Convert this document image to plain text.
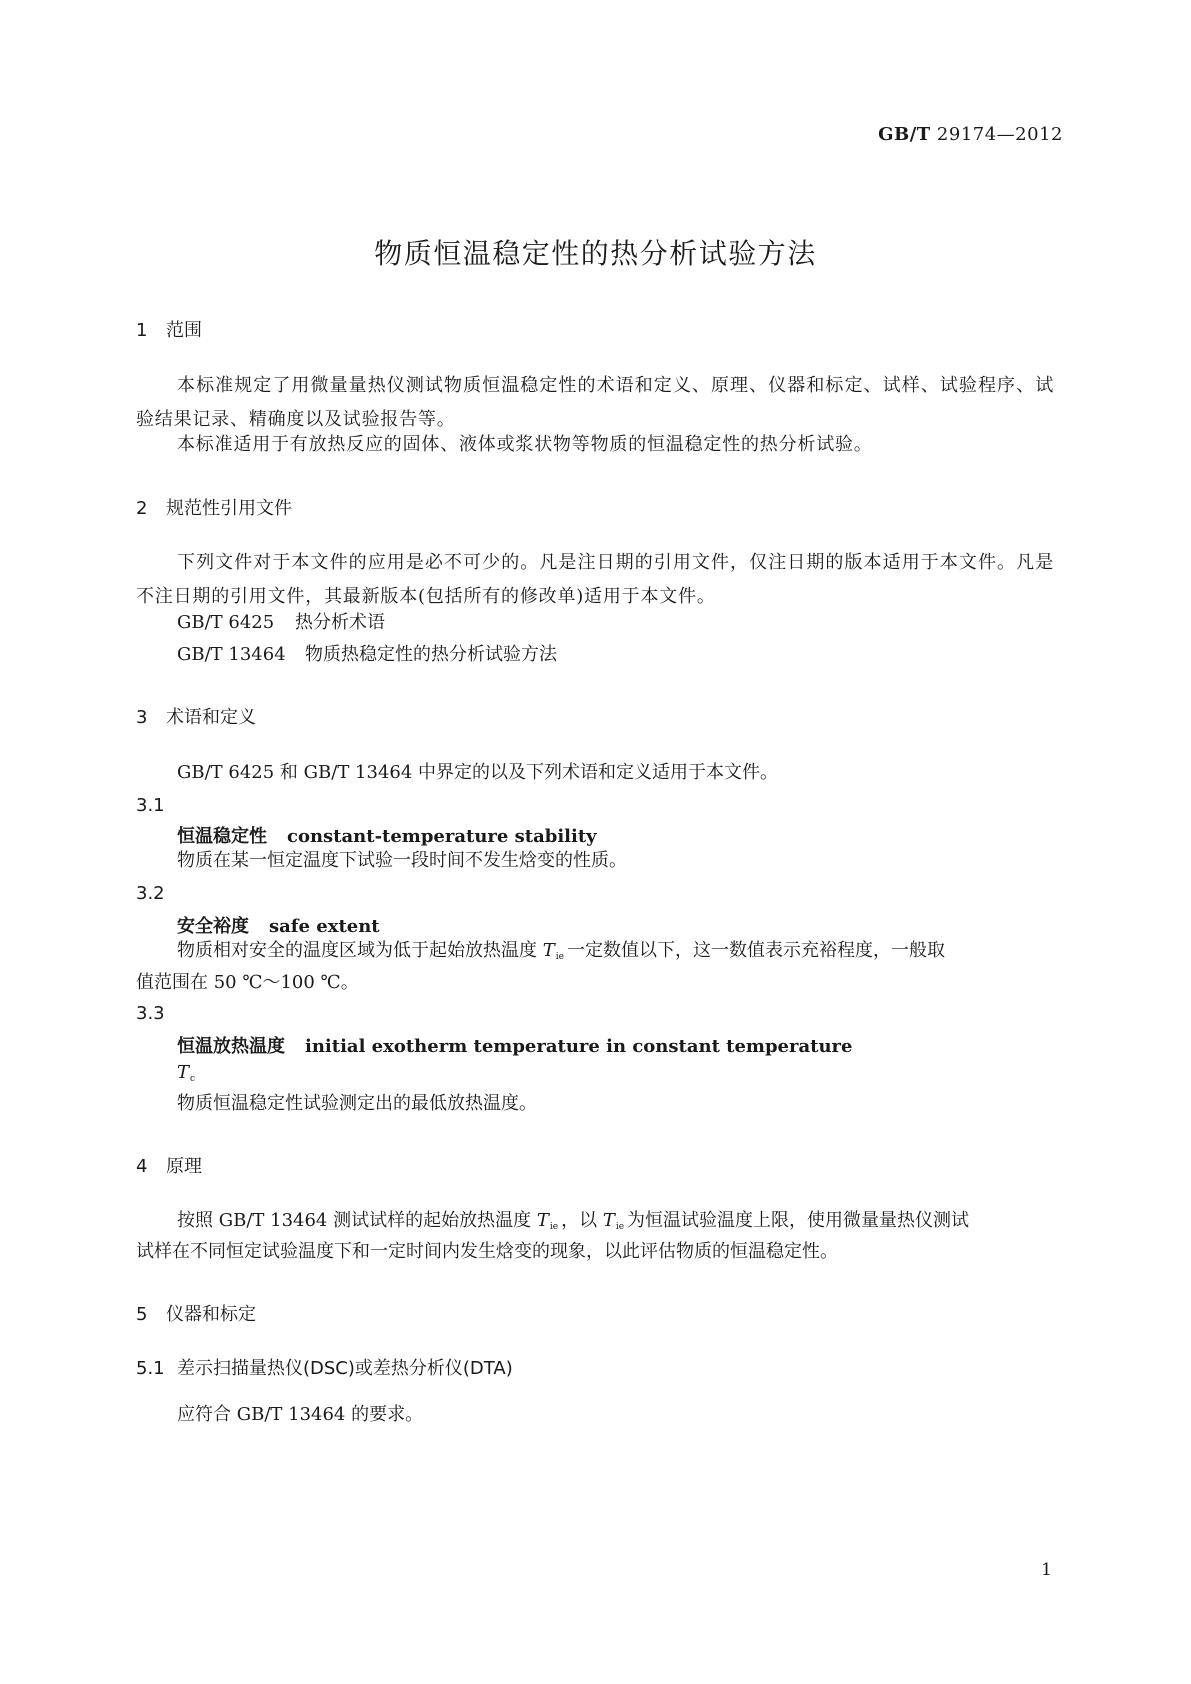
GB/T 29174—2012
物质恒温稳定性的热分析试验方法
1 范围
本标准规定了用微量量热仪测试物质恒温稳定性的术语和定义、原理、仪器和标定、试样、试验程序、试验结果记录、精确度以及试验报告等。
本标准适用于有放热反应的固体、液体或浆状物等物质的恒温稳定性的热分析试验。
2 规范性引用文件
下列文件对于本文件的应用是必不可少的。凡是注日期的引用文件，仅注日期的版本适用于本文件。凡是不注日期的引用文件，其最新版本(包括所有的修改单)适用于本文件。
GB/T 6425 热分析术语
GB/T 13464 物质热稳定性的热分析试验方法
3 术语和定义
GB/T 6425 和 GB/T 13464 中界定的以及下列术语和定义适用于本文件。
3.1
恒温稳定性 constant-temperature stability
物质在某一恒定温度下试验一段时间不发生焓变的性质。
3.2
安全裕度 safe extent
物质相对安全的温度区域为低于起始放热温度 $T_{ie}$ 一定数值以下，这一数值表示充裕程度，一般取
值范围在 50 ℃～100 ℃。
3.3
恒温放热温度 initial exotherm temperature in constant temperature
$T_c$
物质恒温稳定性试验测定出的最低放热温度。
4 原理
按照 GB/T 13464 测试试样的起始放热温度 $T_{ie}$ ，以 $T_{ie}$ 为恒温试验温度上限，使用微量量热仪测试
试样在不同恒定试验温度下和一定时间内发生焓变的现象，以此评估物质的恒温稳定性。
5 仪器和标定
5.1 差示扫描量热仪(DSC)或差热分析仪(DTA)
应符合 GB/T 13464 的要求。
1
